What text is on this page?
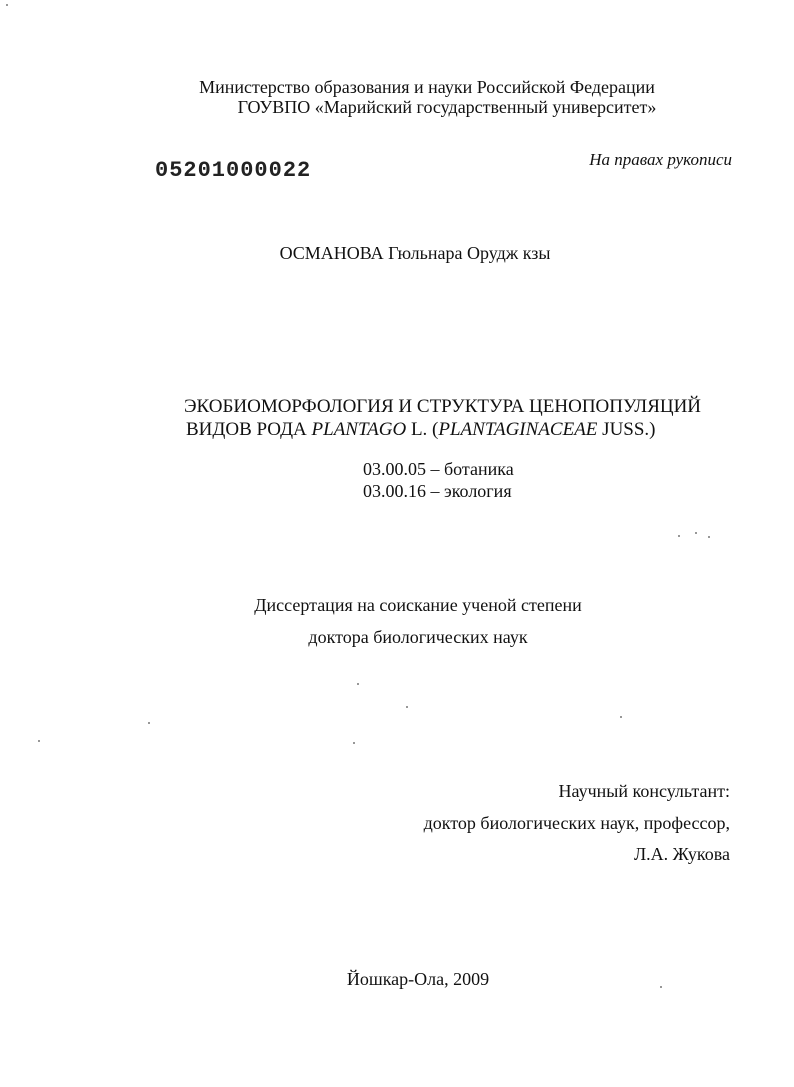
Министерство образования и науки Российской Федерации
ГОУВПО «Марийский государственный университет»
На правах рукописи
05201000022
ОСМАНОВА Гюльнара Орудж кзы
ЭКОБИОМОРФОЛОГИЯ И СТРУКТУРА ЦЕНОПОПУЛЯЦИЙ
ВИДОВ РОДА PLANTAGO L. (PLANTAGINACEAE JUSS.)
03.00.05 – ботаника
03.00.16 – экология
Диссертация на соискание ученой степени
доктора биологических наук
Научный консультант:
доктор биологических наук, профессор,
Л.А. Жукова
Йошкар-Ола, 2009
